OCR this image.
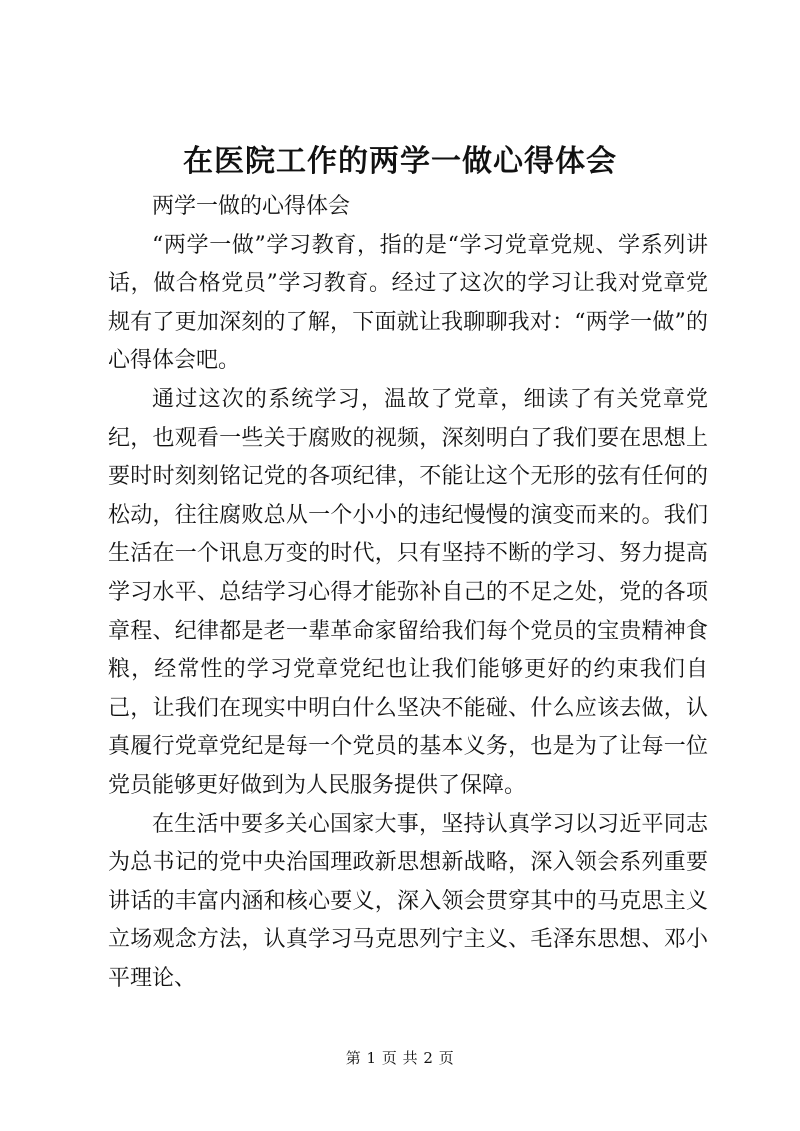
在医院工作的两学一做心得体会

两学一做的心得体会

“两学一做”学习教育，指的是“学习党章党规、学系列讲话，做合格党员”学习教育。经过了这次的学习让我对党章党规有了更加深刻的了解，下面就让我聊聊我对：“两学一做”的心得体会吧。

通过这次的系统学习，温故了党章，细读了有关党章党纪，也观看一些关于腐败的视频，深刻明白了我们要在思想上要时时刻刻铭记党的各项纪律，不能让这个无形的弦有任何的松动，往往腐败总从一个小小的违纪慢慢的演变而来的。我们生活在一个讯息万变的时代，只有坚持不断的学习、努力提高学习水平、总结学习心得才能弥补自己的不足之处，党的各项章程、纪律都是老一辈革命家留给我们每个党员的宝贵精神食粮，经常性的学习党章党纪也让我们能够更好的约束我们自己，让我们在现实中明白什么坚决不能碰、什么应该去做，认真履行党章党纪是每一个党员的基本义务，也是为了让每一位党员能够更好做到为人民服务提供了保障。

在生活中要多关心国家大事，坚持认真学习以习近平同志为总书记的党中央治国理政新思想新战略，深入领会系列重要讲话的丰富内涵和核心要义，深入领会贯穿其中的马克思主义立场观念方法，认真学习马克思列宁主义、毛泽东思想、邓小平理论、

第 1 页 共 2 页
